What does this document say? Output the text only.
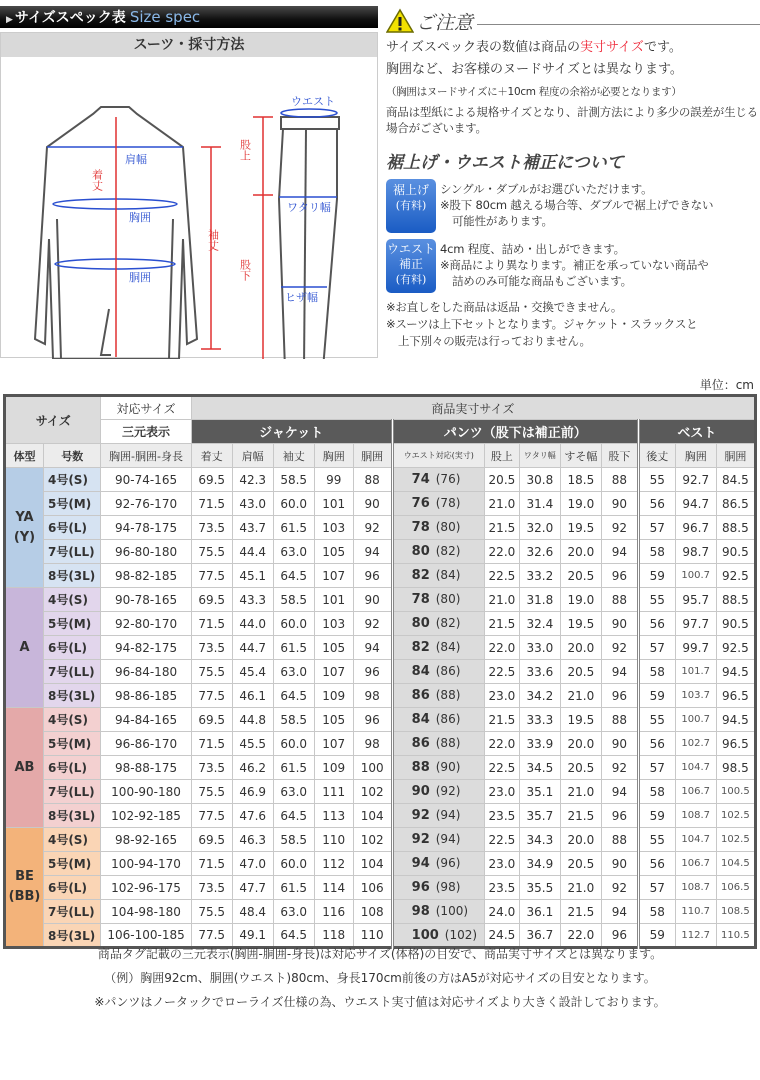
▶ サイズスペック表 Size spec
スーツ・採寸方法
肩幅
着丈
胸囲
胴囲
袖丈
ウエスト
股上
股下
ワタリ幅
ヒザ幅
ご注意
サイズスペック表の数値は商品の実寸サイズです。
胸囲など、お客様のヌードサイズとは異なります。
（胸囲はヌードサイズに＋10cm 程度の余裕が必要となります）
商品は型紙による規格サイズとなり、計測方法により多少の誤差が生じる場合がございます。
裾上げ・ウエスト補正について
裾上げ
(有料)
シングル・ダブルがお選びいただけます。
※股下 80cm 越える場合等、ダブルで裾上げできない
可能性があります。
ウエスト
補正
(有料)
4cm 程度、詰め・出しができます。
※商品により異なります。補正を承っていない商品や
詰めのみ可能な商品もございます。
※お直しをした商品は返品・交換できません。
※スーツは上下セットとなります。ジャケット・スラックスと
上下別々の販売は行っておりません。
単位：cm
サイズ		対応サイズ	商品実寸サイズ												
		三元表示	ジャケット					パンツ（股下は補正前）					ベスト		
体型	号数	胸囲-胴囲-身長	着丈	肩幅	袖丈	胸囲	胴囲	ウエスト対応(実寸)	股上	ワタリ幅	すそ幅	股下	後丈	胸囲	胴囲

YA
(Y)	4号(S)	90-74-165	69.5	42.3	58.5	99	88	74 (76)	20.5	30.8	18.5	88	55	92.7	84.5
	5号(M)	92-76-170	71.5	43.0	60.0	101	90	76 (78)	21.0	31.4	19.0	90	56	94.7	86.5
	6号(L)	94-78-175	73.5	43.7	61.5	103	92	78 (80)	21.5	32.0	19.5	92	57	96.7	88.5
	7号(LL)	96-80-180	75.5	44.4	63.0	105	94	80 (82)	22.0	32.6	20.0	94	58	98.7	90.5
	8号(3L)	98-82-185	77.5	45.1	64.5	107	96	82 (84)	22.5	33.2	20.5	96	59	100.7	92.5

A	4号(S)	90-78-165	69.5	43.3	58.5	101	90	78 (80)	21.0	31.8	19.0	88	55	95.7	88.5
	5号(M)	92-80-170	71.5	44.0	60.0	103	92	80 (82)	21.5	32.4	19.5	90	56	97.7	90.5
	6号(L)	94-82-175	73.5	44.7	61.5	105	94	82 (84)	22.0	33.0	20.0	92	57	99.7	92.5
	7号(LL)	96-84-180	75.5	45.4	63.0	107	96	84 (86)	22.5	33.6	20.5	94	58	101.7	94.5
	8号(3L)	98-86-185	77.5	46.1	64.5	109	98	86 (88)	23.0	34.2	21.0	96	59	103.7	96.5

AB	4号(S)	94-84-165	69.5	44.8	58.5	105	96	84 (86)	21.5	33.3	19.5	88	55	100.7	94.5
	5号(M)	96-86-170	71.5	45.5	60.0	107	98	86 (88)	22.0	33.9	20.0	90	56	102.7	96.5
	6号(L)	98-88-175	73.5	46.2	61.5	109	100	88 (90)	22.5	34.5	20.5	92	57	104.7	98.5
	7号(LL)	100-90-180	75.5	46.9	63.0	111	102	90 (92)	23.0	35.1	21.0	94	58	106.7	100.5
	8号(3L)	102-92-185	77.5	47.6	64.5	113	104	92 (94)	23.5	35.7	21.5	96	59	108.7	102.5

BE
(BB)	4号(S)	98-92-165	69.5	46.3	58.5	110	102	92 (94)	22.5	34.3	20.0	88	55	104.7	102.5
	5号(M)	100-94-170	71.5	47.0	60.0	112	104	94 (96)	23.0	34.9	20.5	90	56	106.7	104.5
	6号(L)	102-96-175	73.5	47.7	61.5	114	106	96 (98)	23.5	35.5	21.0	92	57	108.7	106.5
	7号(LL)	104-98-180	75.5	48.4	63.0	116	108	98 (100)	24.0	36.1	21.5	94	58	110.7	108.5
	8号(3L)	106-100-185	77.5	49.1	64.5	118	110	100 (102)	24.5	36.7	22.0	96	59	112.7	110.5
商品タグ記載の三元表示(胸囲-胴囲-身長)は対応サイズ(体格)の目安で、商品実寸サイズとは異なります。
（例）胸囲92cm、胴囲(ウエスト)80cm、身長170cm前後の方はA5が対応サイズの目安となります。
※パンツはノータックでローライズ仕様の為、ウエスト実寸値は対応サイズより大きく設計しております。
